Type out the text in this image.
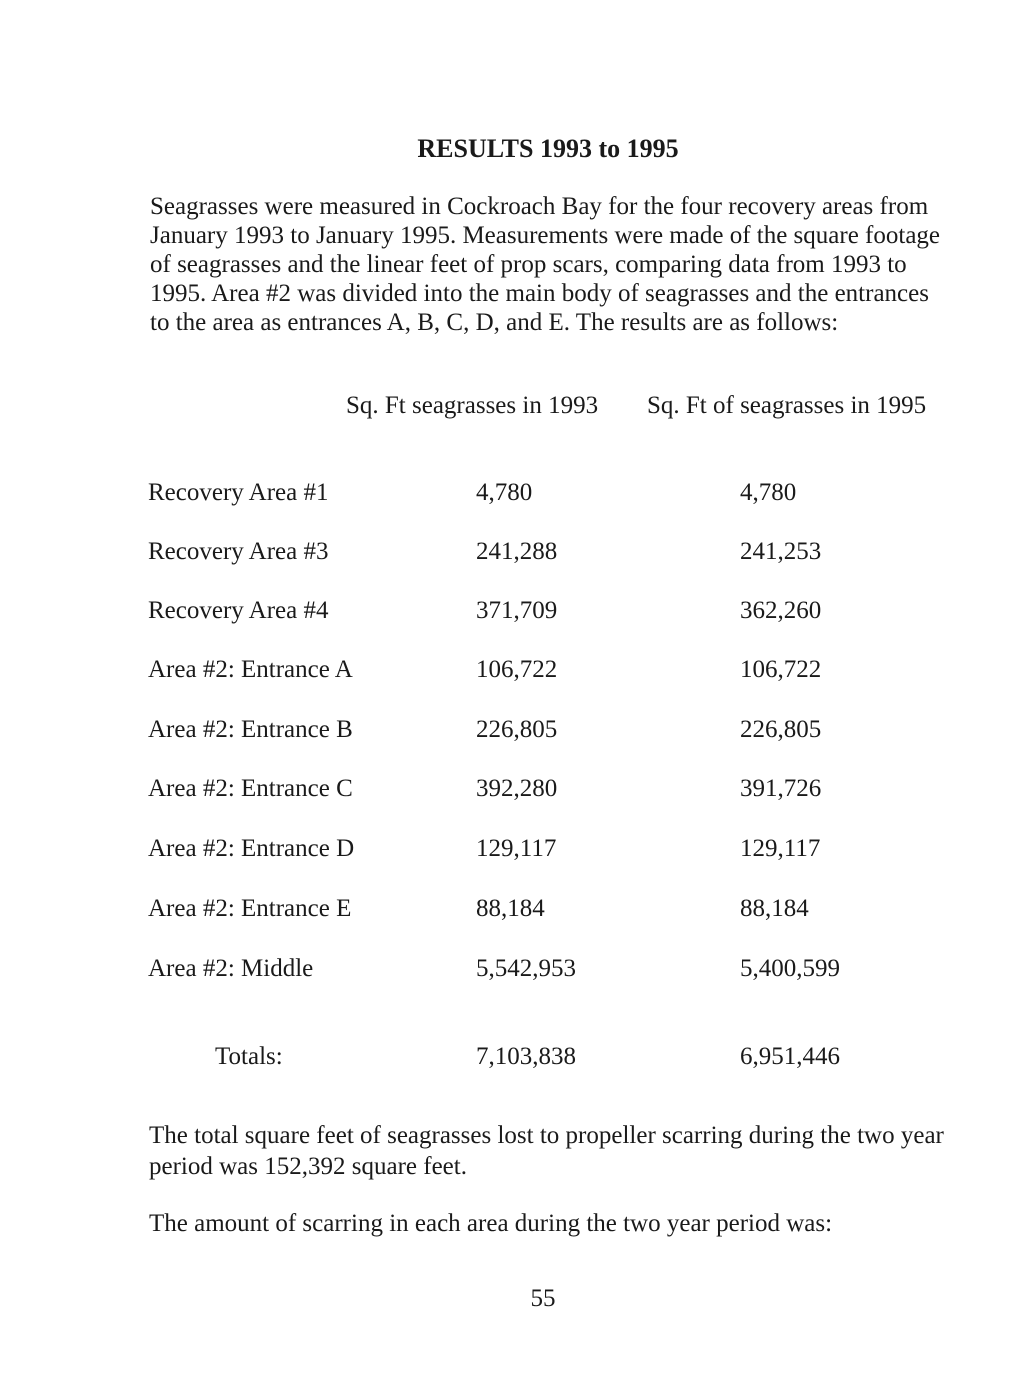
RESULTS 1993 to 1995
Seagrasses were measured in Cockroach Bay for the four recovery areas from
January 1993 to January 1995. Measurements were made of the square footage
of seagrasses and the linear feet of prop scars, comparing data from 1993 to
1995. Area #2 was divided into the main body of seagrasses and the entrances
to the area as entrances A, B, C, D, and E. The results are as follows:
Sq. Ft seagrasses in 1993 Sq. Ft of seagrasses in 1995
Recovery Area #1	4,780	4,780
Recovery Area #3	241,288	241,253
Recovery Area #4	371,709	362,260
Area #2: Entrance A	106,722	106,722
Area #2: Entrance B	226,805	226,805
Area #2: Entrance C	392,280	391,726
Area #2: Entrance D	129,117	129,117
Area #2: Entrance E	88,184	88,184
Area #2: Middle	5,542,953	5,400,599
Totals:	7,103,838	6,951,446
The total square feet of seagrasses lost to propeller scarring during the two year
period was 152,392 square feet.
The amount of scarring in each area during the two year period was:
55
